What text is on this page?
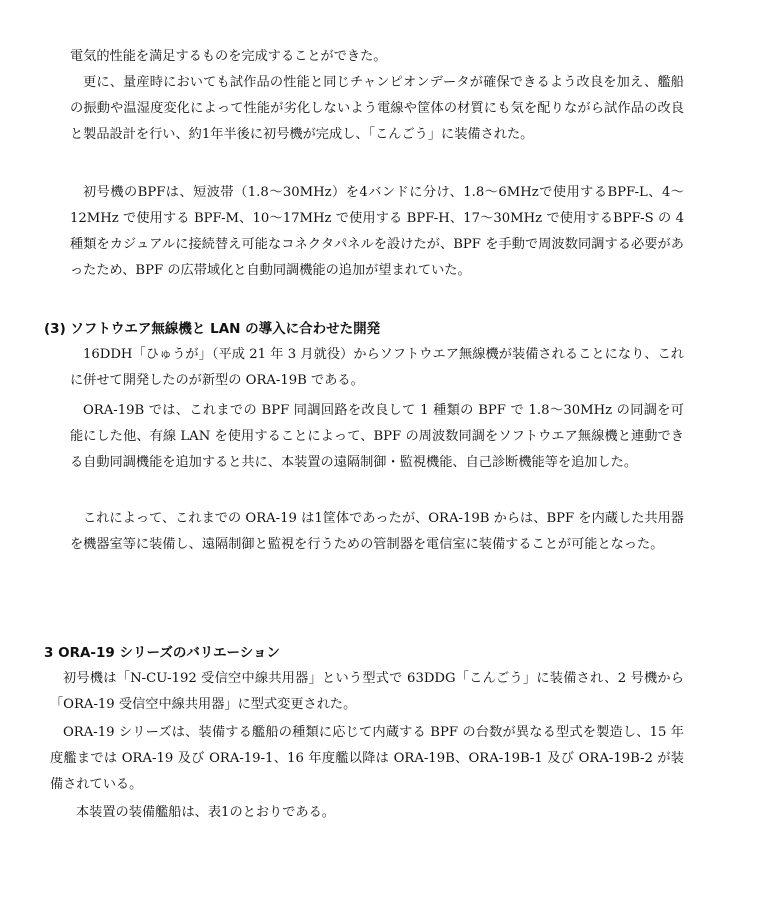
電気的性能を満足するものを完成することができた。

更に、量産時においても試作品の性能と同じチャンピオンデータが確保できるよう改良を加え、艦船の振動や温湿度変化によって性能が劣化しないよう電線や筐体の材質にも気を配りながら試作品の改良と製品設計を行い、約1年半後に初号機が完成し、「こんごう」に装備された。

初号機のBPFは、短波帯（1.8～30MHz）を4バンドに分け、1.8～6MHzで使用するBPF-L、4～12MHz で使用する BPF-M、10～17MHz で使用する BPF-H、17～30MHz で使用するBPF-S の 4 種類をカジュアルに接続替え可能なコネクタパネルを設けたが、BPF を手動で周波数同調する必要があったため、BPF の広帯域化と自動同調機能の追加が望まれていた。

(3) ソフトウエア無線機と LAN の導入に合わせた開発

16DDH「ひゅうが」（平成 21 年 3 月就役）からソフトウエア無線機が装備されることになり、これに併せて開発したのが新型の ORA-19B である。

ORA-19B では、これまでの BPF 同調回路を改良して 1 種類の BPF で 1.8～30MHz の同調を可能にした他、有線 LAN を使用することによって、BPF の周波数同調をソフトウエア無線機と連動できる自動同調機能を追加すると共に、本装置の遠隔制御・監視機能、自己診断機能等を追加した。

これによって、これまでの ORA-19 は1筐体であったが、ORA-19B からは、BPF を内蔵した共用器を機器室等に装備し、遠隔制御と監視を行うための管制器を電信室に装備することが可能となった。

3 ORA-19 シリーズのバリエーション

初号機は「N-CU-192 受信空中線共用器」という型式で 63DDG「こんごう」に装備され、2 号機から「ORA-19 受信空中線共用器」に型式変更された。

ORA-19 シリーズは、装備する艦船の種類に応じて内蔵する BPF の台数が異なる型式を製造し、15 年度艦までは ORA-19 及び ORA-19-1、16 年度艦以降は ORA-19B、ORA-19B-1 及び ORA-19B-2 が装備されている。

本装置の装備艦船は、表1のとおりである。
